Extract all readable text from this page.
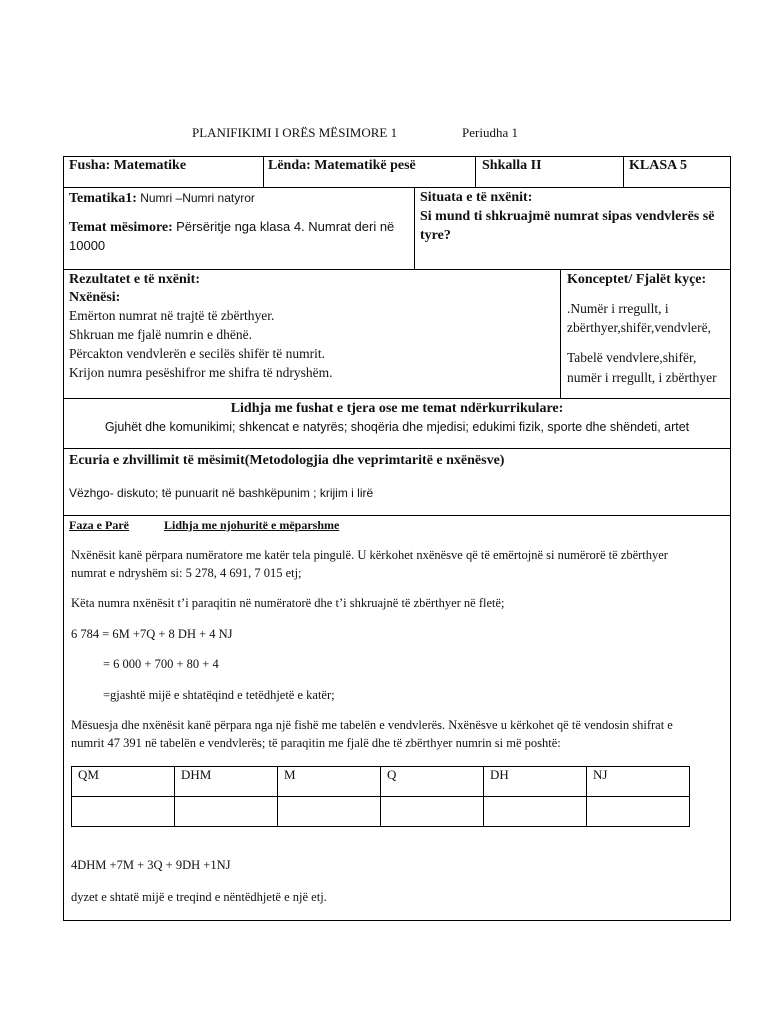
PLANIFIKIMI I ORËS MËSIMORE 1	Periudha 1
Fusha: Matematike	Lënda: Matematikë pesë	Shkalla II	KLASA 5
Tematika1: Numri –Numri natyror
Temat mësimore: Përsëritje nga klasa 4. Numrat deri në
10000
Situata e të nxënit:
Si mund ti shkruajmë numrat sipas vendvlerës së
tyre?
Rezultatet e të nxënit:
Nxënësi:
Emërton numrat në trajtë të zbërthyer.
Shkruan me fjalë numrin e dhënë.
Përcakton vendvlerën e secilës shifër të numrit.
Krijon numra pesëshifror me shifra të ndryshëm.
Konceptet/ Fjalët kyçe:
.Numër i rregullt, i
zbërthyer,shifër,vendvlerë,
Tabelë vendvlere,shifër,
numër i rregullt, i zbërthyer
Lidhja me fushat e tjera ose me temat ndërkurrikulare:
Gjuhët dhe komunikimi; shkencat e natyrës; shoqëria dhe mjedisi; edukimi fizik, sporte dhe shëndeti, artet
Ecuria e zhvillimit të mësimit(Metodologjia dhe veprimtaritë e nxënësve)
Vëzhgo- diskuto; të punuarit në bashkëpunim ; krijim i lirë
Faza e Parë	Lidhja me njohuritë e mëparshme
Nxënësit kanë përpara numëratore me katër tela pingulë. U kërkohet nxënësve që të emërtojnë si numërorë të zbërthyer
numrat e ndryshëm si: 5 278, 4 691, 7 015 etj;
Këta numra nxënësit t’i paraqitin në numëratorë dhe t’i shkruajnë të zbërthyer në fletë;
6 784 = 6M +7Q + 8 DH + 4 NJ
= 6 000 + 700 + 80 + 4
=gjashtë mijë e shtatëqind e tetëdhjetë e katër;
Mësuesja dhe nxënësit kanë përpara nga një fishë me tabelën e vendvlerës. Nxënësve u kërkohet që të vendosin shifrat e
numrit 47 391 në tabelën e vendvlerës; të paraqitin me fjalë dhe të zbërthyer numrin si më poshtë:
QM	DHM	M	Q	DH	NJ

4DHM +7M + 3Q + 9DH +1NJ
dyzet e shtatë mijë e treqind e nëntëdhjetë e një etj.
